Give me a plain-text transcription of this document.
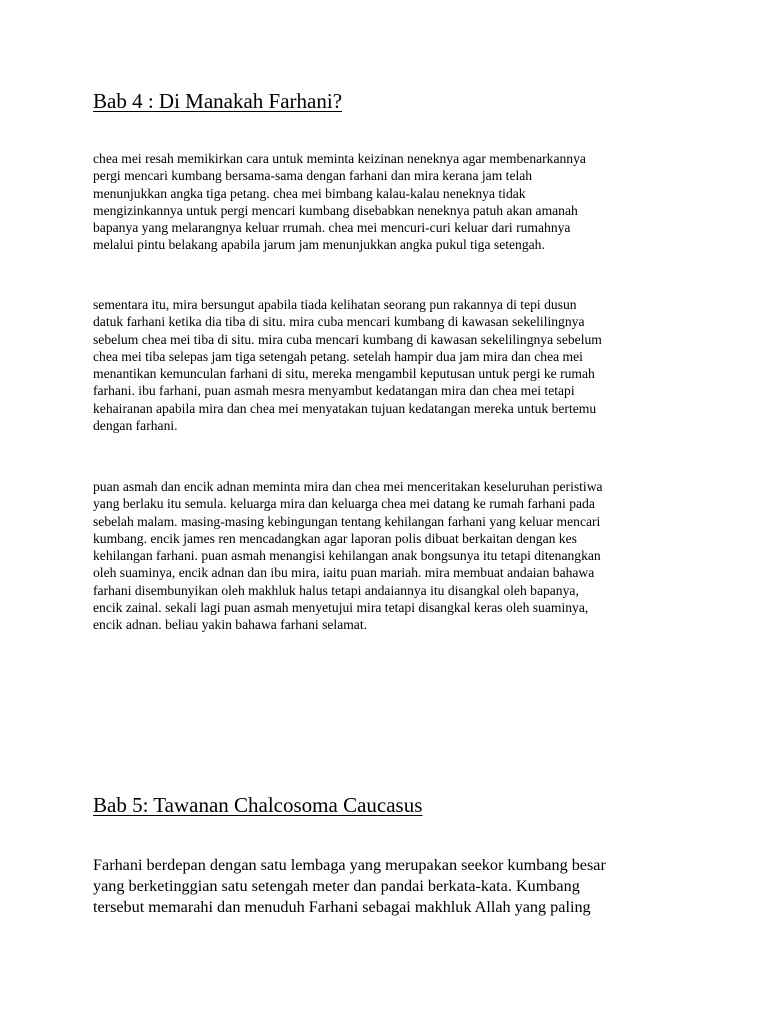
Bab 4 : Di Manakah Farhani?

chea mei resah memikirkan cara untuk meminta keizinan neneknya agar membenarkannya
pergi mencari kumbang bersama-sama dengan farhani dan mira kerana jam telah
menunjukkan angka tiga petang. chea mei bimbang kalau-kalau neneknya tidak
mengizinkannya untuk pergi mencari kumbang disebabkan neneknya patuh akan amanah
bapanya yang melarangnya keluar rrumah. chea mei mencuri-curi keluar dari rumahnya
melalui pintu belakang apabila jarum jam menunjukkan angka pukul tiga setengah.

sementara itu, mira bersungut apabila tiada kelihatan seorang pun rakannya di tepi dusun
datuk farhani ketika dia tiba di situ. mira cuba mencari kumbang di kawasan sekelilingnya
sebelum chea mei tiba di situ. mira cuba mencari kumbang di kawasan sekelilingnya sebelum
chea mei tiba selepas jam tiga setengah petang. setelah hampir dua jam mira dan chea mei
menantikan kemunculan farhani di situ, mereka mengambil keputusan untuk pergi ke rumah
farhani. ibu farhani, puan asmah mesra menyambut kedatangan mira dan chea mei tetapi
kehairanan apabila mira dan chea mei menyatakan tujuan kedatangan mereka untuk bertemu
dengan farhani.

puan asmah dan encik adnan meminta mira dan chea mei menceritakan keseluruhan peristiwa
yang berlaku itu semula. keluarga mira dan keluarga chea mei datang ke rumah farhani pada
sebelah malam. masing-masing kebingungan tentang kehilangan farhani yang keluar mencari
kumbang. encik james ren mencadangkan agar laporan polis dibuat berkaitan dengan kes
kehilangan farhani. puan asmah menangisi kehilangan anak bongsunya itu tetapi ditenangkan
oleh suaminya, encik adnan dan ibu mira, iaitu puan mariah. mira membuat andaian bahawa
farhani disembunyikan oleh makhluk halus tetapi andaiannya itu disangkal oleh bapanya,
encik zainal. sekali lagi puan asmah menyetujui mira tetapi disangkal keras oleh suaminya,
encik adnan. beliau yakin bahawa farhani selamat.

Bab 5: Tawanan Chalcosoma Caucasus

Farhani berdepan dengan satu lembaga yang merupakan seekor kumbang besar
yang berketinggian satu setengah meter dan pandai berkata-kata. Kumbang
tersebut memarahi dan menuduh Farhani sebagai makhluk Allah yang paling
